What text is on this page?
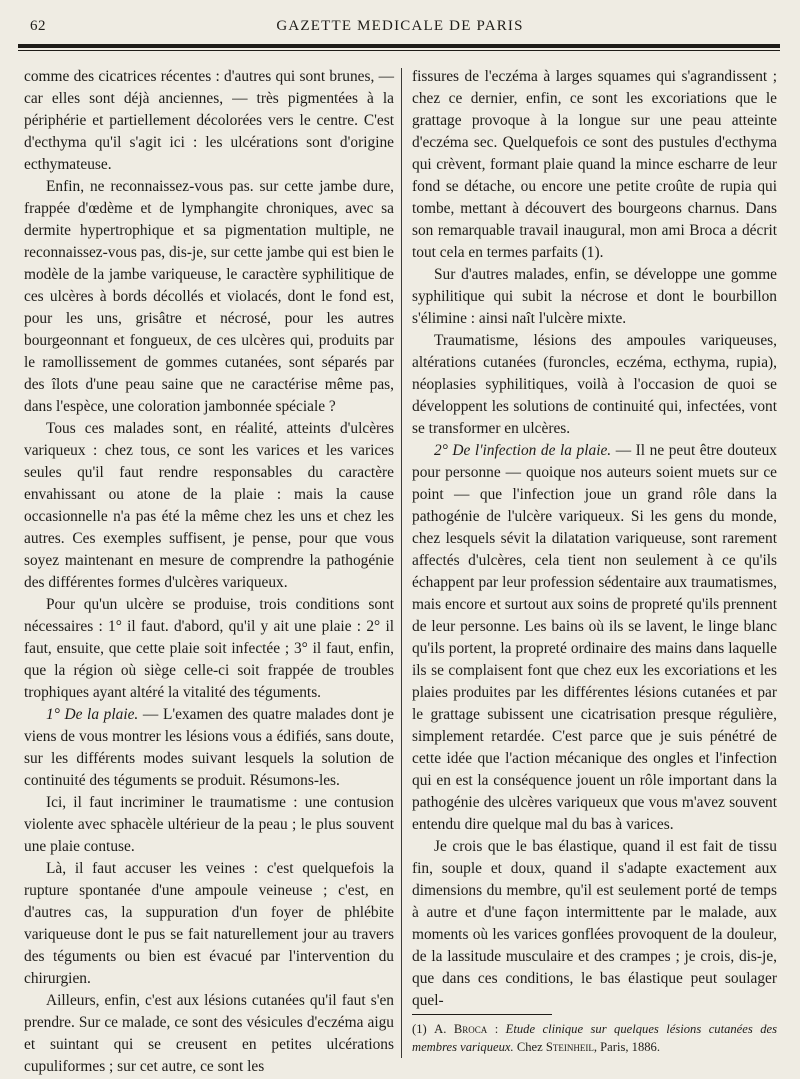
62	GAZETTE MEDICALE DE PARIS

comme des cicatrices récentes : d'autres qui sont brunes, — car elles sont déjà anciennes, — très pigmentées à la périphérie et partiellement décolorées vers le centre. C'est d'ecthyma qu'il s'agit ici : les ulcérations sont d'origine ecthymateuse.

Enfin, ne reconnaissez-vous pas. sur cette jambe dure, frappée d'œdème et de lymphangite chroniques, avec sa dermite hypertrophique et sa pigmentation multiple, ne reconnaissez-vous pas, dis-je, sur cette jambe qui est bien le modèle de la jambe variqueuse, le caractère syphilitique de ces ulcères à bords décollés et violacés, dont le fond est, pour les uns, grisâtre et nécrosé, pour les autres bourgeonnant et fongueux, de ces ulcères qui, produits par le ramollissement de gommes cutanées, sont séparés par des îlots d'une peau saine que ne caractérise même pas, dans l'espèce, une coloration jambonnée spéciale ?

Tous ces malades sont, en réalité, atteints d'ulcères variqueux : chez tous, ce sont les varices et les varices seules qu'il faut rendre responsables du caractère envahissant ou atone de la plaie : mais la cause occasionnelle n'a pas été la même chez les uns et chez les autres. Ces exemples suffisent, je pense, pour que vous soyez maintenant en mesure de comprendre la pathogénie des différentes formes d'ulcères variqueux.

Pour qu'un ulcère se produise, trois conditions sont nécessaires : 1° il faut. d'abord, qu'il y ait une plaie : 2° il faut, ensuite, que cette plaie soit infectée ; 3° il faut, enfin, que la région où siège celle-ci soit frappée de troubles trophiques ayant altéré la vitalité des téguments.

1° De la plaie. — L'examen des quatre malades dont je viens de vous montrer les lésions vous a édifiés, sans doute, sur les différents modes suivant lesquels la solution de continuité des téguments se produit. Résumons-les.

Ici, il faut incriminer le traumatisme : une contusion violente avec sphacèle ultérieur de la peau ; le plus souvent une plaie contuse.

Là, il faut accuser les veines : c'est quelquefois la rupture spontanée d'une ampoule veineuse ; c'est, en d'autres cas, la suppuration d'un foyer de phlébite variqueuse dont le pus se fait naturellement jour au travers des téguments ou bien est évacué par l'intervention du chirurgien.

Ailleurs, enfin, c'est aux lésions cutanées qu'il faut s'en prendre. Sur ce malade, ce sont des vésicules d'eczéma aigu et suintant qui se creusent en petites ulcérations cupuliformes ; sur cet autre, ce sont les

fissures de l'eczéma à larges squames qui s'agrandissent ; chez ce dernier, enfin, ce sont les excoriations que le grattage provoque à la longue sur une peau atteinte d'eczéma sec. Quelquefois ce sont des pustules d'ecthyma qui crèvent, formant plaie quand la mince escharre de leur fond se détache, ou encore une petite croûte de rupia qui tombe, mettant à découvert des bourgeons charnus. Dans son remarquable travail inaugural, mon ami Broca a décrit tout cela en termes parfaits (1).

Sur d'autres malades, enfin, se développe une gomme syphilitique qui subit la nécrose et dont le bourbillon s'élimine : ainsi naît l'ulcère mixte.

Traumatisme, lésions des ampoules variqueuses, altérations cutanées (furoncles, eczéma, ecthyma, rupia), néoplasies syphilitiques, voilà à l'occasion de quoi se développent les solutions de continuité qui, infectées, vont se transformer en ulcères.

2° De l'infection de la plaie. — Il ne peut être douteux pour personne — quoique nos auteurs soient muets sur ce point — que l'infection joue un grand rôle dans la pathogénie de l'ulcère variqueux. Si les gens du monde, chez lesquels sévit la dilatation variqueuse, sont rarement affectés d'ulcères, cela tient non seulement à ce qu'ils échappent par leur profession sédentaire aux traumatismes, mais encore et surtout aux soins de propreté qu'ils prennent de leur personne. Les bains où ils se lavent, le linge blanc qu'ils portent, la propreté ordinaire des mains dans laquelle ils se complaisent font que chez eux les excoriations et les plaies produites par les différentes lésions cutanées et par le grattage subissent une cicatrisation presque régulière, simplement retardée. C'est parce que je suis pénétré de cette idée que l'action mécanique des ongles et l'infection qui en est la conséquence jouent un rôle important dans la pathogénie des ulcères variqueux que vous m'avez souvent entendu dire quelque mal du bas à varices.

Je crois que le bas élastique, quand il est fait de tissu fin, souple et doux, quand il s'adapte exactement aux dimensions du membre, qu'il est seulement porté de temps à autre et d'une façon intermittente par le malade, aux moments où les varices gonflées provoquent de la douleur, de la lassitude musculaire et des crampes ; je crois, dis-je, que dans ces conditions, le bas élastique peut soulager quel-

(1) A. Broca : Etude clinique sur quelques lésions cutanées des membres variqueux. Chez Steinheil, Paris, 1886.
